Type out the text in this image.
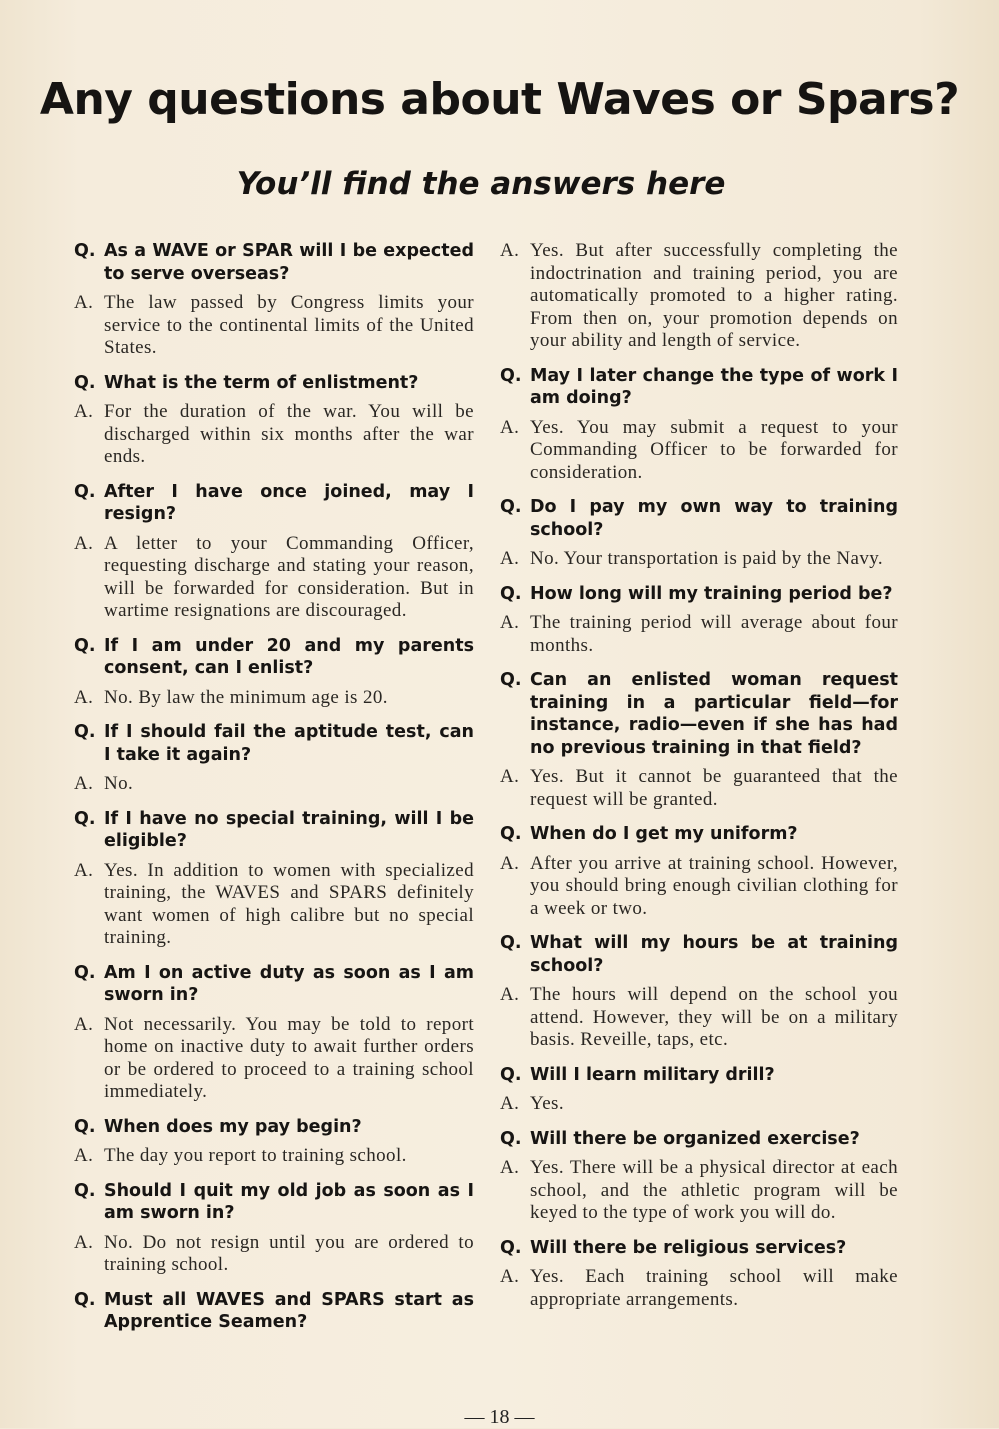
Any questions about Waves or Spars?
You’ll find the answers here
Q. As a WAVE or SPAR will I be expected to serve overseas?
A. The law passed by Congress limits your service to the continental limits of the United States.
Q. What is the term of enlistment?
A. For the duration of the war. You will be discharged within six months after the war ends.
Q. After I have once joined, may I resign?
A. A letter to your Commanding Officer, requesting discharge and stating your reason, will be forwarded for consideration. But in wartime resignations are discouraged.
Q. If I am under 20 and my parents consent, can I enlist?
A. No. By law the minimum age is 20.
Q. If I should fail the aptitude test, can I take it again?
A. No.
Q. If I have no special training, will I be eligible?
A. Yes. In addition to women with specialized training, the WAVES and SPARS definitely want women of high calibre but no special training.
Q. Am I on active duty as soon as I am sworn in?
A. Not necessarily. You may be told to report home on inactive duty to await further orders or be ordered to proceed to a training school immediately.
Q. When does my pay begin?
A. The day you report to training school.
Q. Should I quit my old job as soon as I am sworn in?
A. No. Do not resign until you are ordered to training school.
Q. Must all WAVES and SPARS start as Apprentice Seamen?
A. Yes. But after successfully completing the indoctrination and training period, you are automatically promoted to a higher rating. From then on, your promotion depends on your ability and length of service.
Q. May I later change the type of work I am doing?
A. Yes. You may submit a request to your Commanding Officer to be forwarded for consideration.
Q. Do I pay my own way to training school?
A. No. Your transportation is paid by the Navy.
Q. How long will my training period be?
A. The training period will average about four months.
Q. Can an enlisted woman request training in a particular field—for instance, radio—even if she has had no previous training in that field?
A. Yes. But it cannot be guaranteed that the request will be granted.
Q. When do I get my uniform?
A. After you arrive at training school. However, you should bring enough civilian clothing for a week or two.
Q. What will my hours be at training school?
A. The hours will depend on the school you attend. However, they will be on a military basis. Reveille, taps, etc.
Q. Will I learn military drill?
A. Yes.
Q. Will there be organized exercise?
A. Yes. There will be a physical director at each school, and the athletic program will be keyed to the type of work you will do.
Q. Will there be religious services?
A. Yes. Each training school will make appropriate arrangements.
— 18 —
